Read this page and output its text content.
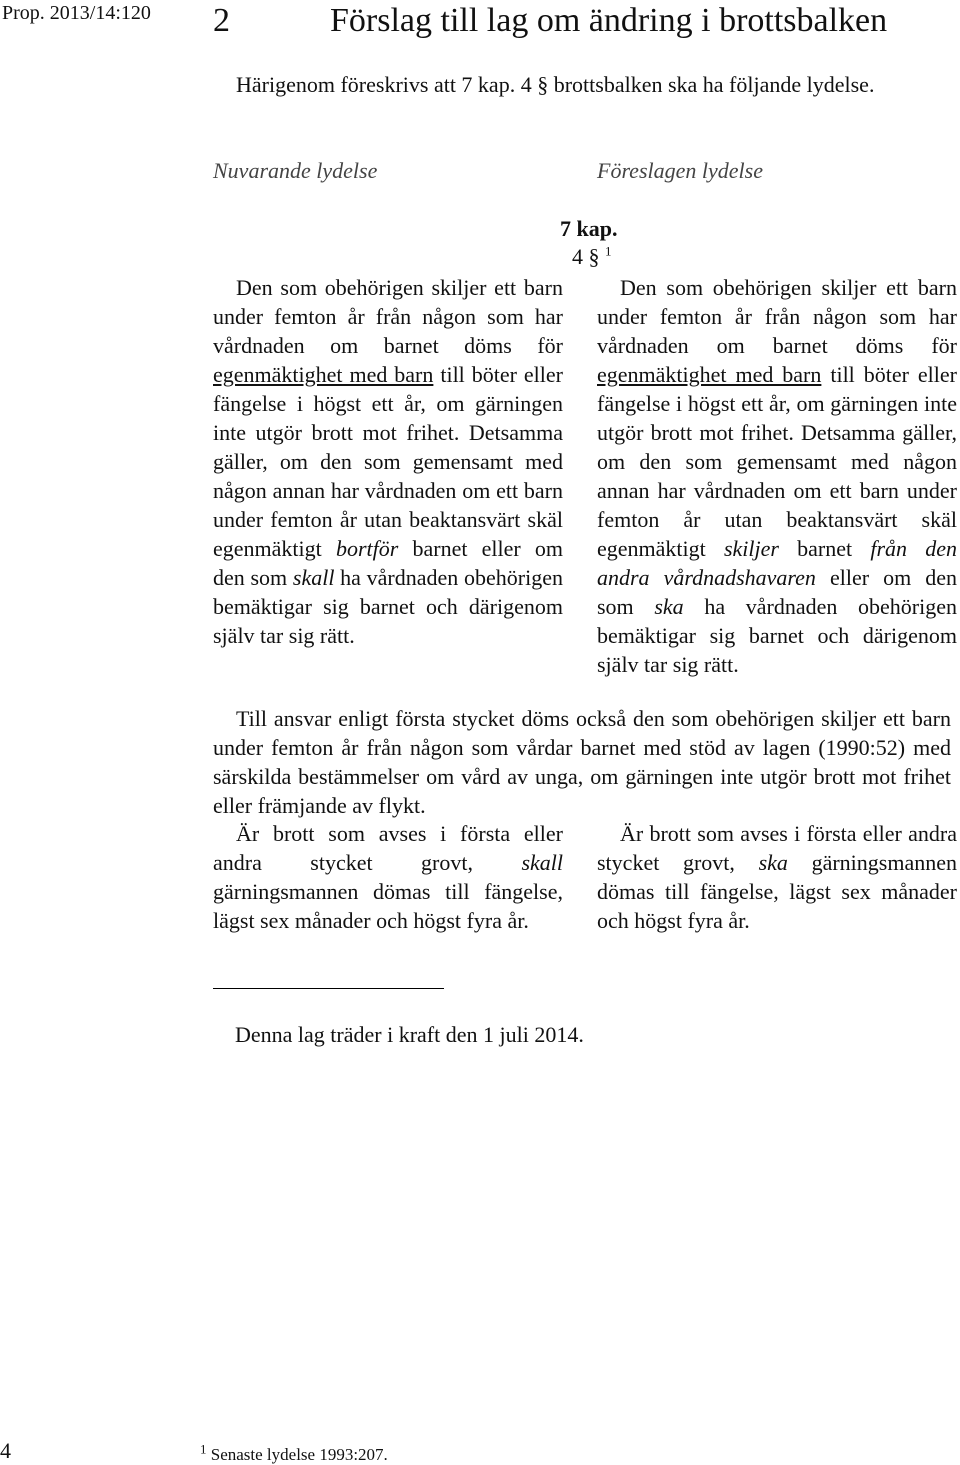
Prop. 2013/14:120 2	Förslag till lag om ändring i brottsbalken
Härigenom föreskrivs att 7 kap. 4 § brottsbalken ska ha följande lydelse.
Nuvarande lydelse	Föreslagen lydelse
7 kap.
4 § $^1$

Den som obehörigen skiljer ett barn under femton år från någon som har vårdnaden om barnet döms för egenmäktighet med barn till böter eller fängelse i högst ett år, om gärningen inte utgör brott mot frihet. Detsamma gäller, om den som gemensamt med någon annan har vårdnaden om ett barn under femton år utan beaktansvärt skäl egenmäktigt bortför barnet eller om den som skall ha vårdnaden obehörigen bemäktigar sig barnet och därigenom själv tar sig rätt.

Den som obehörigen skiljer ett barn under femton år från någon som har vårdnaden om barnet döms för egenmäktighet med barn till böter eller fängelse i högst ett år, om gärningen inte utgör brott mot frihet. Detsamma gäller, om den som gemensamt med någon annan har vårdnaden om ett barn under femton år utan beaktansvärt skäl egenmäktigt skiljer barnet från den andra vårdnadshavaren eller om den som ska ha vårdnaden obehörigen bemäktigar sig barnet och därigenom själv tar sig rätt.

Till ansvar enligt första stycket döms också den som obehörigen skiljer ett barn under femton år från någon som vårdar barnet med stöd av lagen (1990:52) med särskilda bestämmelser om vård av unga, om gärningen inte utgör brott mot frihet eller främjande av flykt.

Är brott som avses i första eller andra stycket grovt, skall gärningsmannen dömas till fängelse, lägst sex månader och högst fyra år.

Är brott som avses i första eller andra stycket grovt, ska gärningsmannen dömas till fängelse, lägst sex månader och högst fyra år.

Denna lag träder i kraft den 1 juli 2014.
$^1$ Senaste lydelse 1993:207.
4
